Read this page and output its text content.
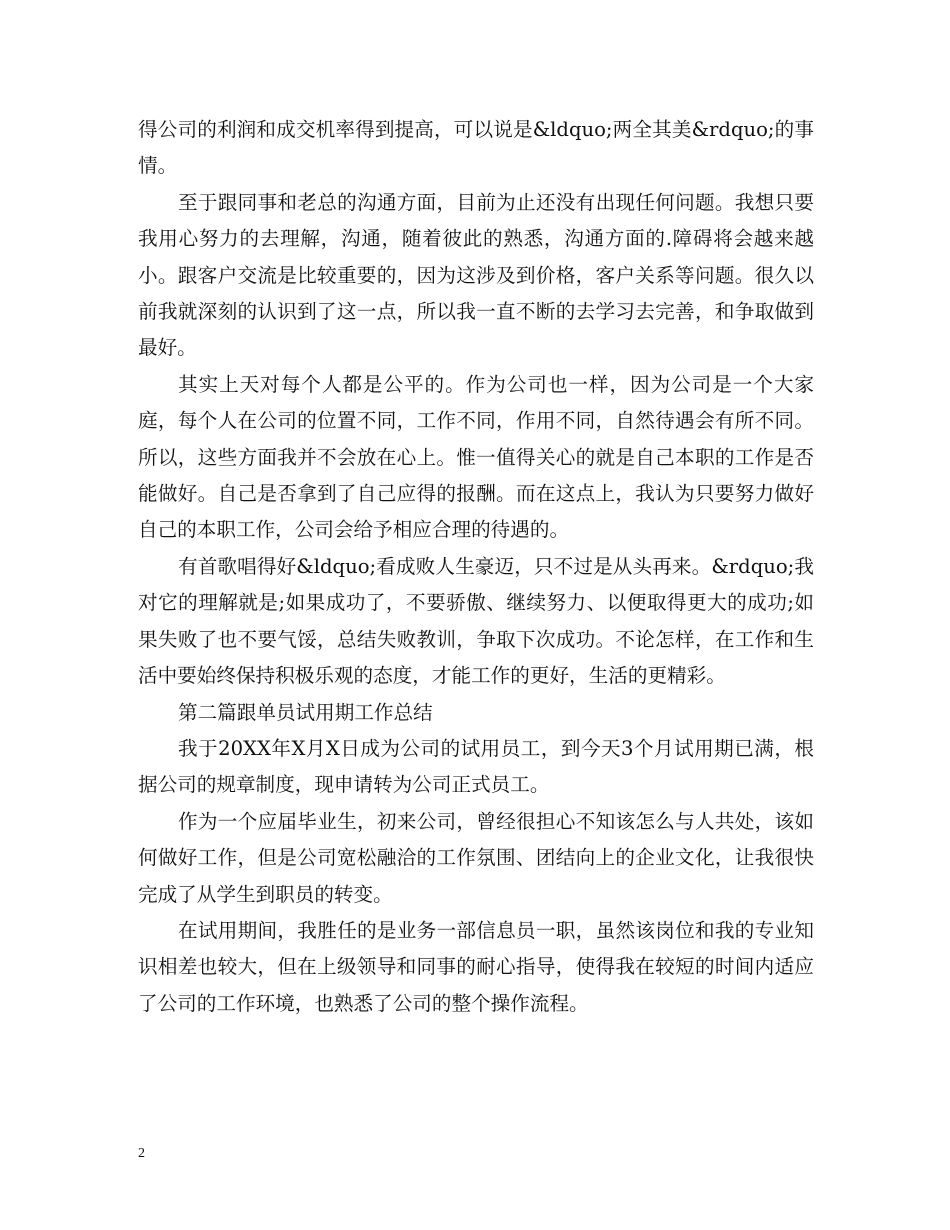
得公司的利润和成交机率得到提高，可以说是&ldquo;两全其美&rdquo;的事情。

至于跟同事和老总的沟通方面，目前为止还没有出现任何问题。我想只要我用心努力的去理解，沟通，随着彼此的熟悉，沟通方面的.障碍将会越来越小。跟客户交流是比较重要的，因为这涉及到价格，客户关系等问题。很久以前我就深刻的认识到了这一点，所以我一直不断的去学习去完善，和争取做到最好。

其实上天对每个人都是公平的。作为公司也一样，因为公司是一个大家庭，每个人在公司的位置不同，工作不同，作用不同，自然待遇会有所不同。所以，这些方面我并不会放在心上。惟一值得关心的就是自己本职的工作是否能做好。自己是否拿到了自己应得的报酬。而在这点上，我认为只要努力做好自己的本职工作，公司会给予相应合理的待遇的。

有首歌唱得好&ldquo;看成败人生豪迈，只不过是从头再来。&rdquo;我对它的理解就是;如果成功了，不要骄傲、继续努力、以便取得更大的成功;如果失败了也不要气馁，总结失败教训，争取下次成功。不论怎样，在工作和生活中要始终保持积极乐观的态度，才能工作的更好，生活的更精彩。

第二篇跟单员试用期工作总结

我于20XX年X月X日成为公司的试用员工，到今天3个月试用期已满，根据公司的规章制度，现申请转为公司正式员工。

作为一个应届毕业生，初来公司，曾经很担心不知该怎么与人共处，该如何做好工作，但是公司宽松融洽的工作氛围、团结向上的企业文化，让我很快完成了从学生到职员的转变。

在试用期间，我胜任的是业务一部信息员一职，虽然该岗位和我的专业知识相差也较大，但在上级领导和同事的耐心指导，使得我在较短的时间内适应了公司的工作环境，也熟悉了公司的整个操作流程。

2
